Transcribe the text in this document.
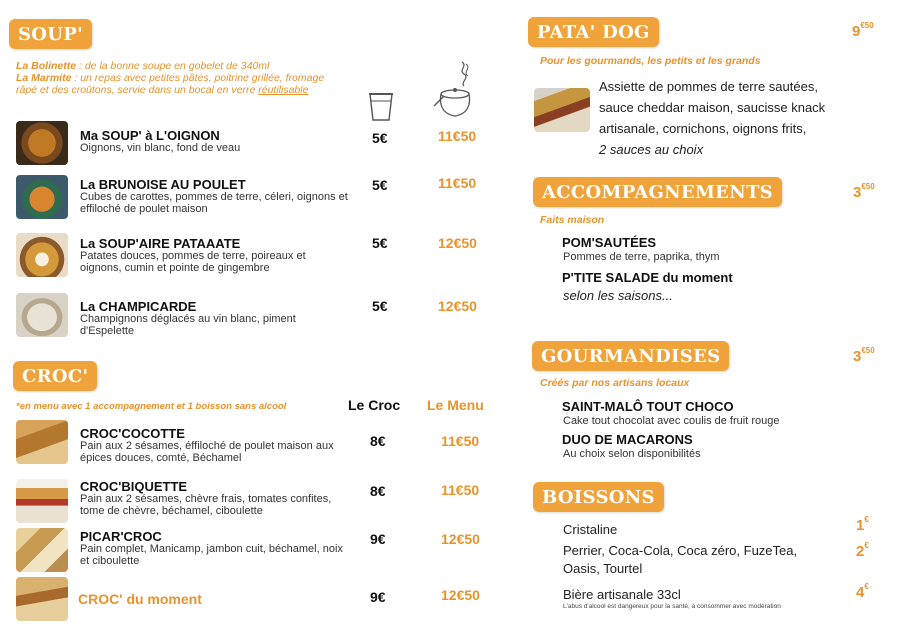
SOUP'
La Bolinette : de la bonne soupe en gobelet de 340ml
La Marmite : un repas avec petites pâtes, poitrine grillée, fromage râpé et des croûtons, servie dans un bocal en verre réutilisable
Ma SOUP' à L'OIGNON
Oignons, vin blanc, fond de veau
5€	11€50
La BRUNOISE AU POULET
Cubes de carottes, pommes de terre, céleri, oignons et effiloché de poulet maison
5€	11€50
La SOUP'AIRE PATAAATE
Patates douces, pommes de terre, poireaux et oignons, cumin et pointe de gingembre
5€	12€50
La CHAMPICARDE
Champignons déglacés au vin blanc, piment d'Espelette
5€	12€50
CROC'
*en menu avec 1 accompagnement et 1 boisson sans alcool	Le Croc Le Menu
CROC'COCOTTE
Pain aux 2 sésames, éffiloché de poulet maison aux épices douces, comté, Béchamel
8€	11€50
CROC'BIQUETTE
Pain aux 2 sésames, chèvre frais, tomates confites, tome de chèvre, béchamel, ciboulette
8€	11€50
PICAR'CROC
Pain complet, Manicamp, jambon cuit, béchamel, noix et ciboulette
9€	12€50
CROC' du moment	9€	12€50
PATA' DOG	$9^{€50}$
Pour les gourmands, les petits et les grands
Assiette de pommes de terre sautées,
sauce cheddar maison, saucisse knack
artisanale, cornichons, oignons frits,
2 sauces au choix
ACCOMPAGNEMENTS	$3^{€50}$
Faits maison
POM'SAUTÉES
Pommes de terre, paprika, thym
P'TITE SALADE du moment
selon les saisons...
GOURMANDISES	$3^{€50}$
Créés par nos artisans locaux
SAINT-MALÔ TOUT CHOCO
Cake tout chocolat avec coulis de fruit rouge
DUO DE MACARONS
Au choix selon disponibilités
BOISSONS
Cristaline	1€
Perrier, Coca-Cola, Coca zéro, FuzeTea,
Oasis, Tourtel
2€
Bière artisanale 33cl	4€
L'abus d'alcool est dangereux pour la santé, à consommer avec modération
